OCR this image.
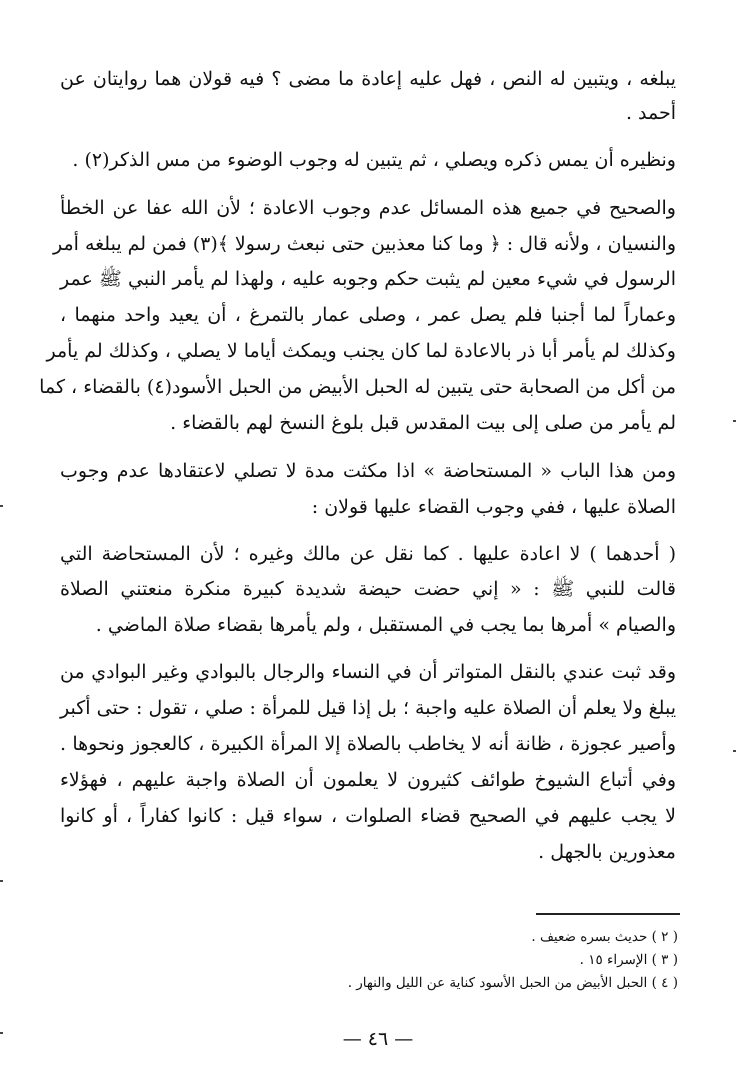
يبلغه ، ويتبين له النص ، فهل عليه إعادة ما مضى ؟ فيه قولان هما روايتان عن
أحمد .
ونظيره أن يمس ذكره ويصلي ، ثم يتبين له وجوب الوضوء من مس الذكر(٢) .
والصحيح في جميع هذه المسائل عدم وجوب الاعادة ؛ لأن الله عفا عن الخطأ
والنسيان ، ولأنه قال : ﴿ وما كنا معذبين حتى نبعث رسولا ﴾(٣) فمن لم يبلغه أمر
الرسول في شيء معين لم يثبت حكم وجوبه عليه ، ولهذا لم يأمر النبي ﷺ عمر
وعماراً لما أجنبا فلم يصل عمر ، وصلى عمار بالتمرغ ، أن يعيد واحد منهما ،
وكذلك لم يأمر أبا ذر بالاعادة لما كان يجنب ويمكث أياما لا يصلي ، وكذلك لم يأمر
من أكل من الصحابة حتى يتبين له الحبل الأبيض من الحبل الأسود(٤) بالقضاء ، كما
لم يأمر من صلى إلى بيت المقدس قبل بلوغ النسخ لهم بالقضاء .
ومن هذا الباب « المستحاضة » اذا مكثت مدة لا تصلي لاعتقادها عدم وجوب
الصلاة عليها ، ففي وجوب القضاء عليها قولان :
( أحدهما ) لا اعادة عليها . كما نقل عن مالك وغيره ؛ لأن المستحاضة التي
قالت للنبي ﷺ : « إني حضت حيضة شديدة كبيرة منكرة منعتني الصلاة
والصيام » أمرها بما يجب في المستقبل ، ولم يأمرها بقضاء صلاة الماضي .
وقد ثبت عندي بالنقل المتواتر أن في النساء والرجال بالبوادي وغير البوادي من
يبلغ ولا يعلم أن الصلاة عليه واجبة ؛ بل إذا قيل للمرأة : صلي ، تقول : حتى أكبر
وأصير عجوزة ، ظانة أنه لا يخاطب بالصلاة إلا المرأة الكبيرة ، كالعجوز ونحوها .
وفي أتباع الشيوخ طوائف كثيرون لا يعلمون أن الصلاة واجبة عليهم ، فهؤلاء
لا يجب عليهم في الصحيح قضاء الصلوات ، سواء قيل : كانوا كفاراً ، أو كانوا
معذورين بالجهل .
( ٢ ) حديث بسره ضعيف .
( ٣ ) الإسراء ١٥ .
( ٤ ) الحبل الأبيض من الحبل الأسود كناية عن الليل والنهار .
— ٤٦ —
